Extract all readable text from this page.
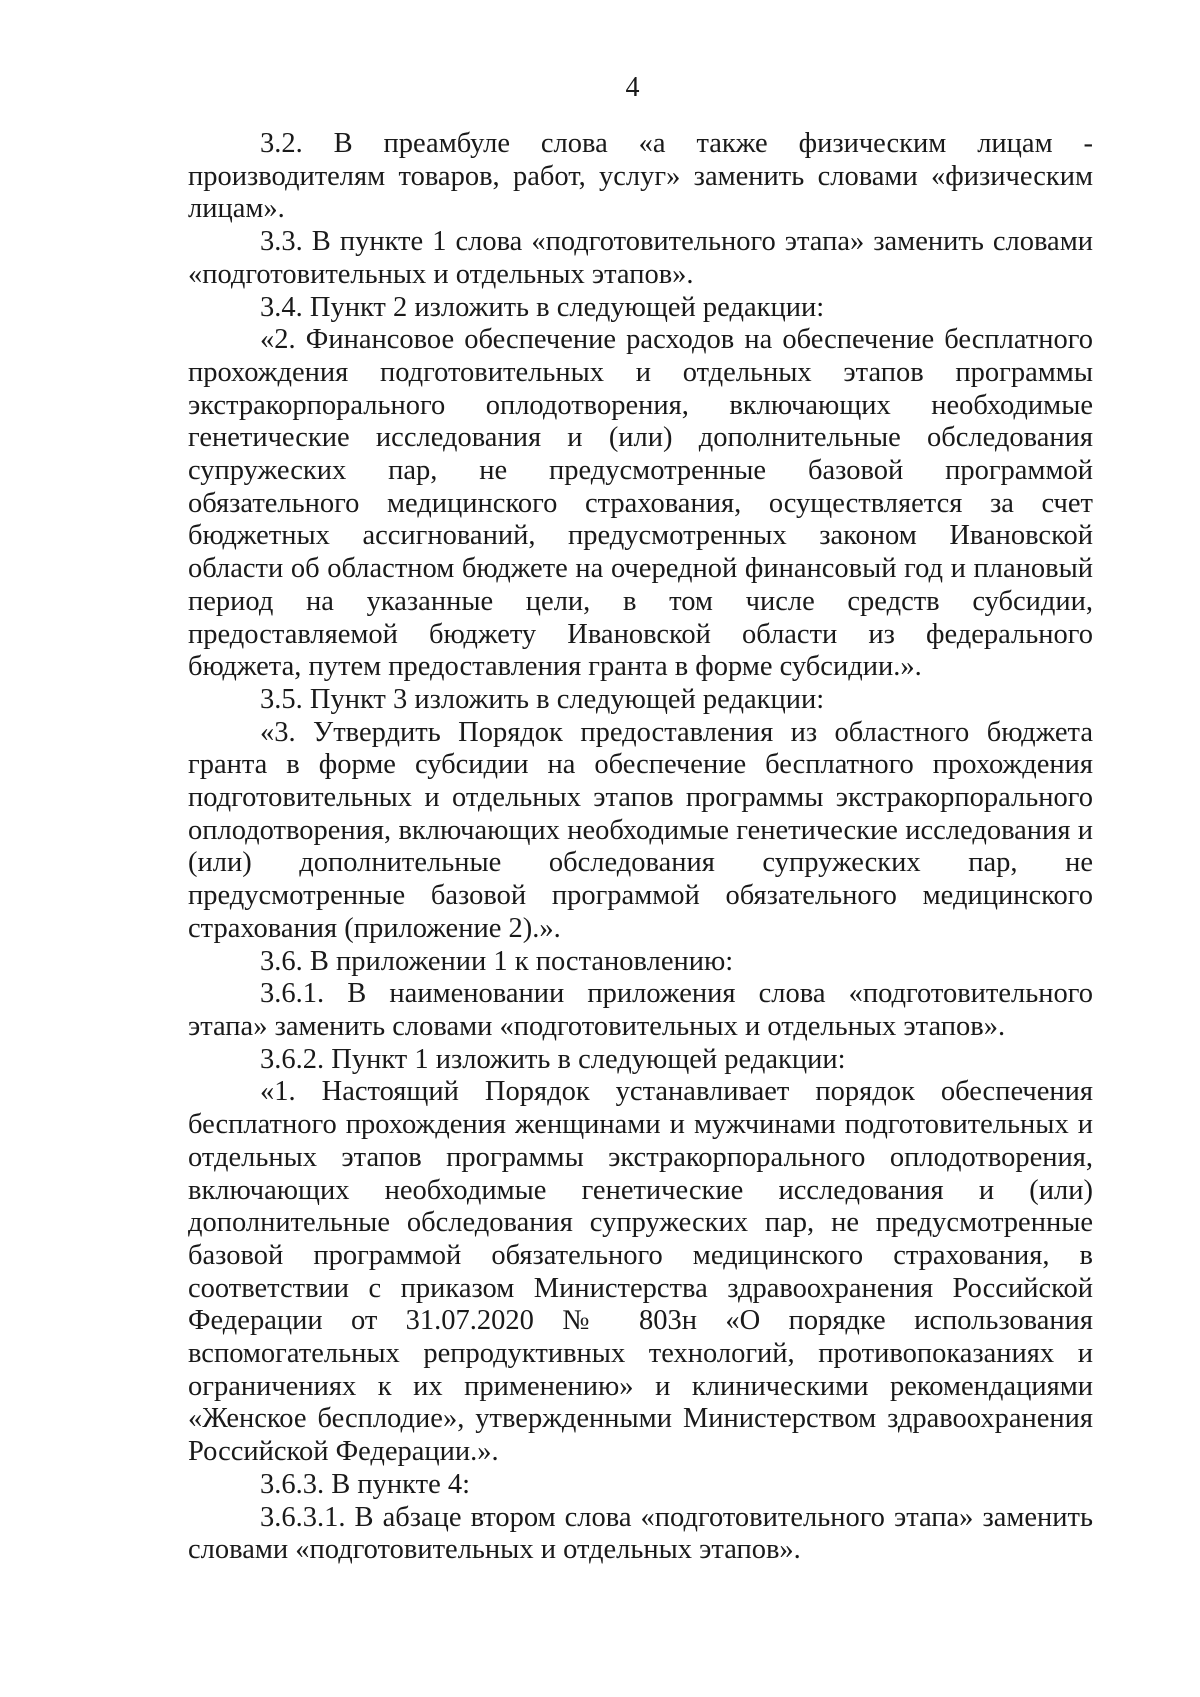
4

3.2. В преамбуле слова «а также физическим лицам - производителям товаров, работ, услуг» заменить словами «физическим лицам».

3.3. В пункте 1 слова «подготовительного этапа» заменить словами «подготовительных и отдельных этапов».

3.4. Пункт 2 изложить в следующей редакции:

«2. Финансовое обеспечение расходов на обеспечение бесплатного прохождения подготовительных и отдельных этапов программы экстракорпорального оплодотворения, включающих необходимые генетические исследования и (или) дополнительные обследования супружеских пар, не предусмотренные базовой программой обязательного медицинского страхования, осуществляется за счет бюджетных ассигнований, предусмотренных законом Ивановской области об областном бюджете на очередной финансовый год и плановый период на указанные цели, в том числе средств субсидии, предоставляемой бюджету Ивановской области из федерального бюджета, путем предоставления гранта в форме субсидии.».

3.5. Пункт 3 изложить в следующей редакции:

«3. Утвердить Порядок предоставления из областного бюджета гранта в форме субсидии на обеспечение бесплатного прохождения подготовительных и отдельных этапов программы экстракорпорального оплодотворения, включающих необходимые генетические исследования и (или) дополнительные обследования супружеских пар, не предусмотренные базовой программой обязательного медицинского страхования (приложение 2).».

3.6. В приложении 1 к постановлению:

3.6.1. В наименовании приложения слова «подготовительного этапа» заменить словами «подготовительных и отдельных этапов».

3.6.2. Пункт 1 изложить в следующей редакции:

«1. Настоящий Порядок устанавливает порядок обеспечения бесплатного прохождения женщинами и мужчинами подготовительных и отдельных этапов программы экстракорпорального оплодотворения, включающих необходимые генетические исследования и (или) дополнительные обследования супружеских пар, не предусмотренные базовой программой обязательного медицинского страхования, в соответствии с приказом Министерства здравоохранения Российской Федерации от 31.07.2020 № 803н «О порядке использования вспомогательных репродуктивных технологий, противопоказаниях и ограничениях к их применению» и клиническими рекомендациями «Женское бесплодие», утвержденными Министерством здравоохранения Российской Федерации.».

3.6.3. В пункте 4:

3.6.3.1. В абзаце втором слова «подготовительного этапа» заменить словами «подготовительных и отдельных этапов».
